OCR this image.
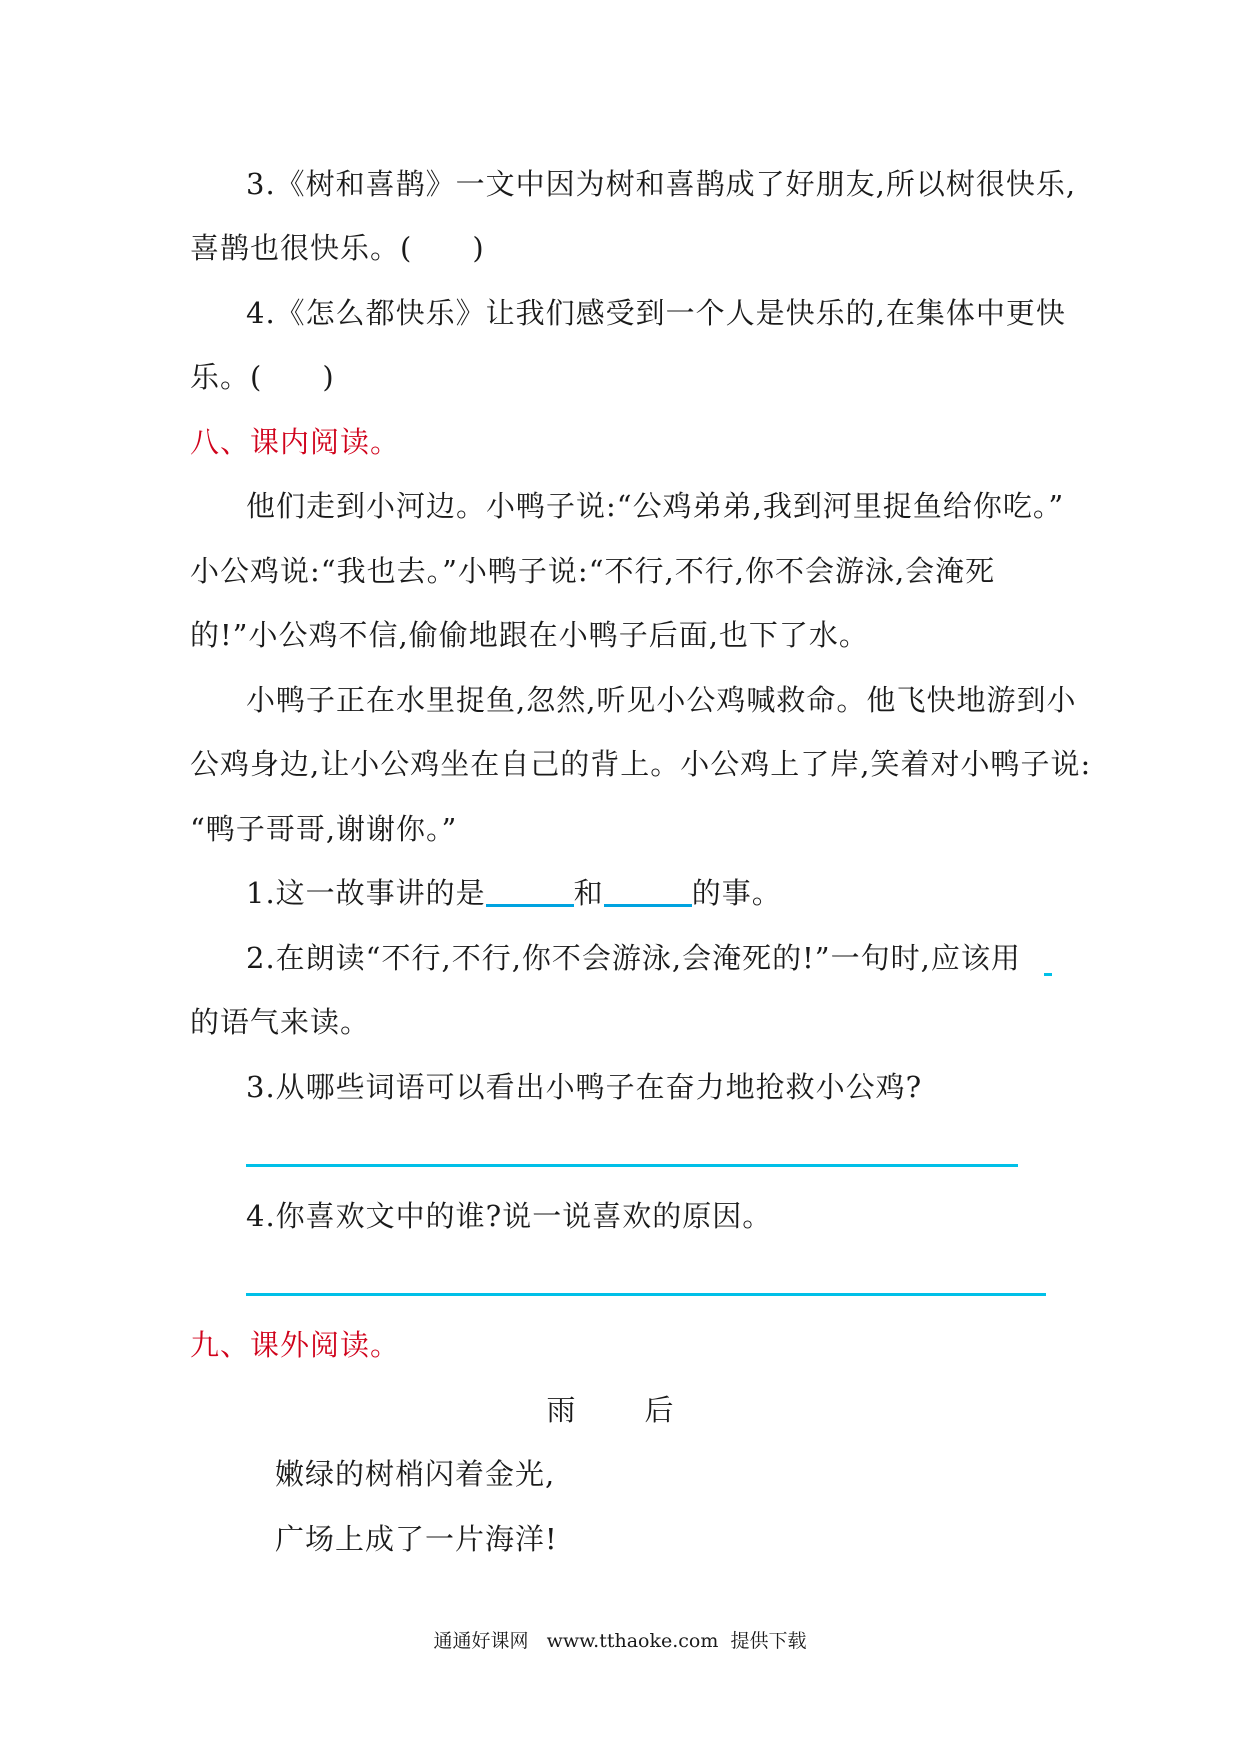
3.《树和喜鹊》一文中因为树和喜鹊成了好朋友,所以树很快乐,
喜鹊也很快乐。(　　)
4.《怎么都快乐》让我们感受到一个人是快乐的,在集体中更快
乐。(　　)
八、课内阅读。
他们走到小河边。小鸭子说:“公鸡弟弟,我到河里捉鱼给你吃。”
小公鸡说:“我也去。”小鸭子说:“不行,不行,你不会游泳,会淹死
的!”小公鸡不信,偷偷地跟在小鸭子后面,也下了水。
小鸭子正在水里捉鱼,忽然,听见小公鸡喊救命。他飞快地游到小
公鸡身边,让小公鸡坐在自己的背上。小公鸡上了岸,笑着对小鸭子说:
“鸭子哥哥,谢谢你。”
1.这一故事讲的是	和	的事。
2.在朗读“不行,不行,你不会游泳,会淹死的!”一句时,应该用
的语气来读。
3.从哪些词语可以看出小鸭子在奋力地抢救小公鸡?
4.你喜欢文中的谁?说一说喜欢的原因。
九、课外阅读。
雨　后
嫩绿的树梢闪着金光,
广场上成了一片海洋!
通通好课网   www.tthaoke.com  提供下载
